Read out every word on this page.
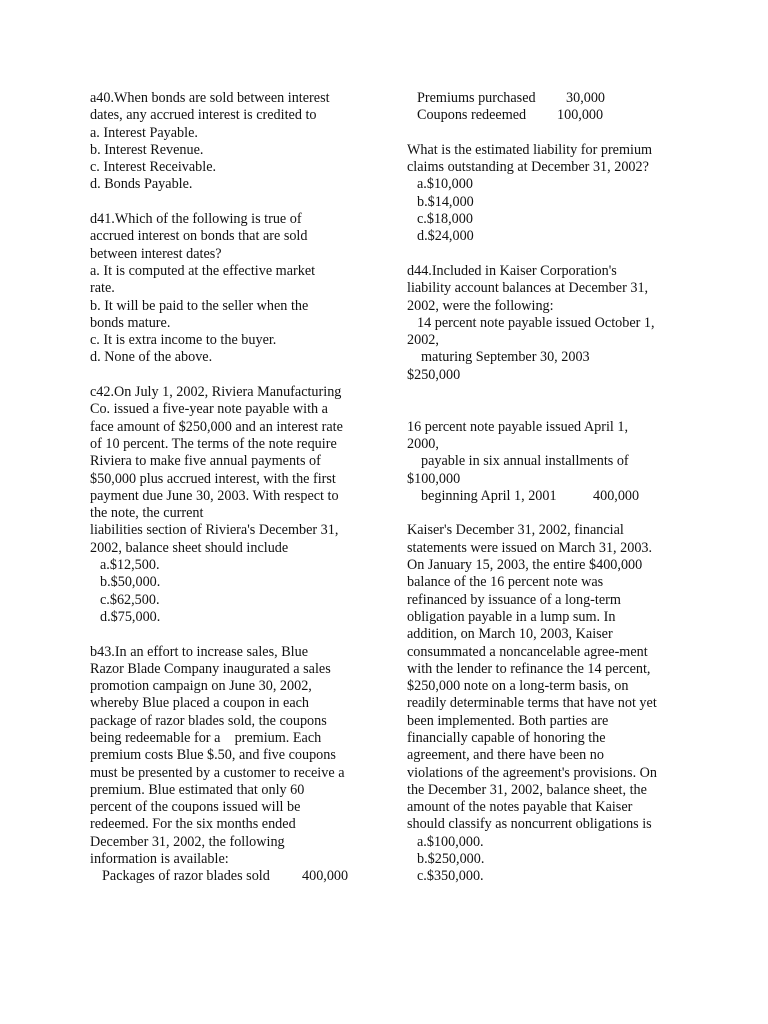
a40.When bonds are sold between interest
dates, any accrued interest is credited to
a. Interest Payable.
b. Interest Revenue.
c. Interest Receivable.
d. Bonds Payable.
d41.Which of the following is true of
accrued interest on bonds that are sold
between interest dates?
a. It is computed at the effective market
rate.
b. It will be paid to the seller when the
bonds mature.
c. It is extra income to the buyer.
d. None of the above.
c42.On July 1, 2002, Riviera Manufacturing
Co. issued a five-year note payable with a
face amount of $250,000 and an interest rate
of 10 percent. The terms of the note require
Riviera to make five annual payments of
$50,000 plus accrued interest, with the first
payment due June 30, 2003. With respect to
the note, the current
liabilities section of Riviera's December 31,
2002, balance sheet should include
a.$12,500.
b.$50,000.
c.$62,500.
d.$75,000.
b43.In an effort to increase sales, Blue
Razor Blade Company inaugurated a sales
promotion campaign on June 30, 2002,
whereby Blue placed a coupon in each
package of razor blades sold, the coupons
being redeemable for a    premium. Each
premium costs Blue $.50, and five coupons
must be presented by a customer to receive a
premium. Blue estimated that only 60
percent of the coupons issued will be
redeemed. For the six months ended
December 31, 2002, the following
information is available:
Packages of razor blades sold 400,000
Premiums purchased 30,000
Coupons redeemed 100,000
What is the estimated liability for premium
claims outstanding at December 31, 2002?
a.$10,000
b.$14,000
c.$18,000
d.$24,000
d44.Included in Kaiser Corporation's
liability account balances at December 31,
2002, were the following:
14 percent note payable issued October 1,
2002,
maturing September 30, 2003
$250,000
16 percent note payable issued April 1,
2000,
payable in six annual installments of
$100,000
beginning April 1, 2001	400,000
Kaiser's December 31, 2002, financial
statements were issued on March 31, 2003.
On January 15, 2003, the entire $400,000
balance of the 16 percent note was
refinanced by issuance of a long-term
obligation payable in a lump sum. In
addition, on March 10, 2003, Kaiser
consummated a noncancelable agree-ment
with the lender to refinance the 14 percent,
$250,000 note on a long-term basis, on
readily determinable terms that have not yet
been implemented. Both parties are
financially capable of honoring the
agreement, and there have been no
violations of the agreement's provisions. On
the December 31, 2002, balance sheet, the
amount of the notes payable that Kaiser
should classify as noncurrent obligations is
a.$100,000.
b.$250,000.
c.$350,000.
